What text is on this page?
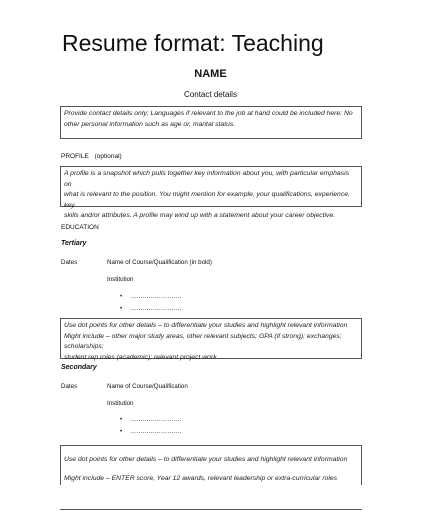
Resume format: Teaching
NAME
Contact details
Provide contact details only; Languages if relevant to the job at hand could be included here; No
other personal information such as age or, marital status.
PROFILE (optional)
A profile is a snapshot which pulls together key information about you, with particular emphasis on
what is relevant to the position. You might mention for example, your qualifications, experience, key
skills and/or attributes. A profile may wind up with a statement about your career objective.
EDUCATION
Tertiary
Dates	Name of Course/Qualification (in bold)
Institution
• …………………….
• …………………….
Use dot points for other details – to differentiate your studies and highlight relevant information
Might include – other major study areas, other relevant subjects; GPA (if strong); exchanges; scholarships;
student rep roles (academic); relevant project work
Secondary
Dates	Name of Course/Qualification
Institution
• …………………….
• …………………….
Use dot points for other details – to differentiate your studies and highlight relevant information
Might include – ENTER score, Year 12 awards, relevant leadership or extra-curricular roles
